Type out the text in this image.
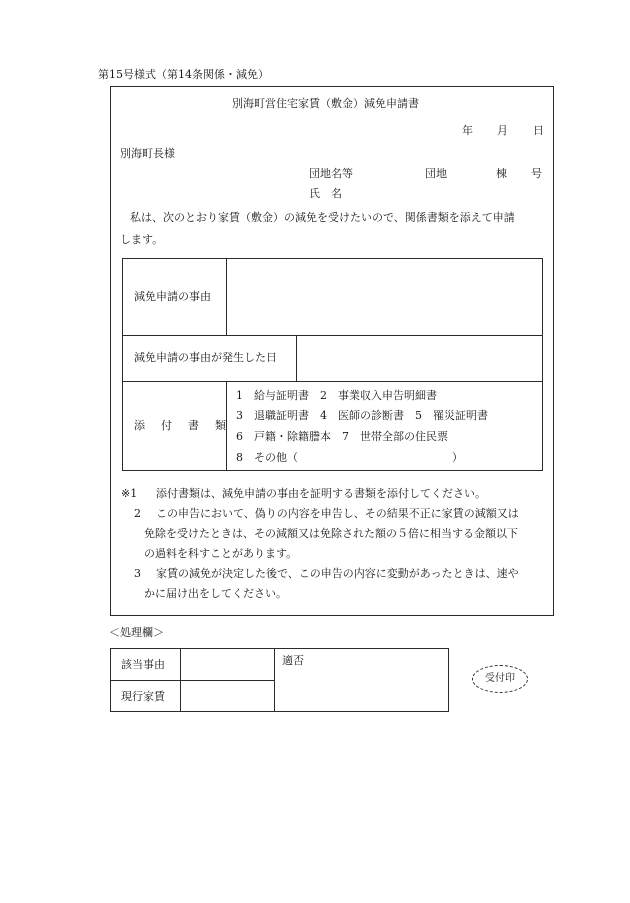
第15号様式（第14条関係・減免）
別海町営住宅家賃（敷金）減免申請書
年 月 日
別海町長様
団地名等	団地	棟 号
氏　名
私は、次のとおり家賃（敷金）の減免を受けたいので、関係書類を添えて申請
します。
減免申請の事由
減免申請の事由が発生した日
添付書類
1　給与証明書　2　事業収入申告明細書
3　退職証明書　4　医師の診断書　5　罹災証明書
6　戸籍・除籍謄本　7　世帯全部の住民票
8　その他（　　　　　　　　　　　　　　）
※1 添付書類は、減免申請の事由を証明する書類を添付してください。
2 この申告において、偽りの内容を申告し、その結果不正に家賃の減額又は
免除を受けたときは、その減額又は免除された額の５倍に相当する金額以下
の過料を科すことがあります。
3 家賃の減免が決定した後で、この申告の内容に変動があったときは、速や
かに届け出をしてください。
＜処理欄＞
該当事由
現行家賃
適否
受付印
